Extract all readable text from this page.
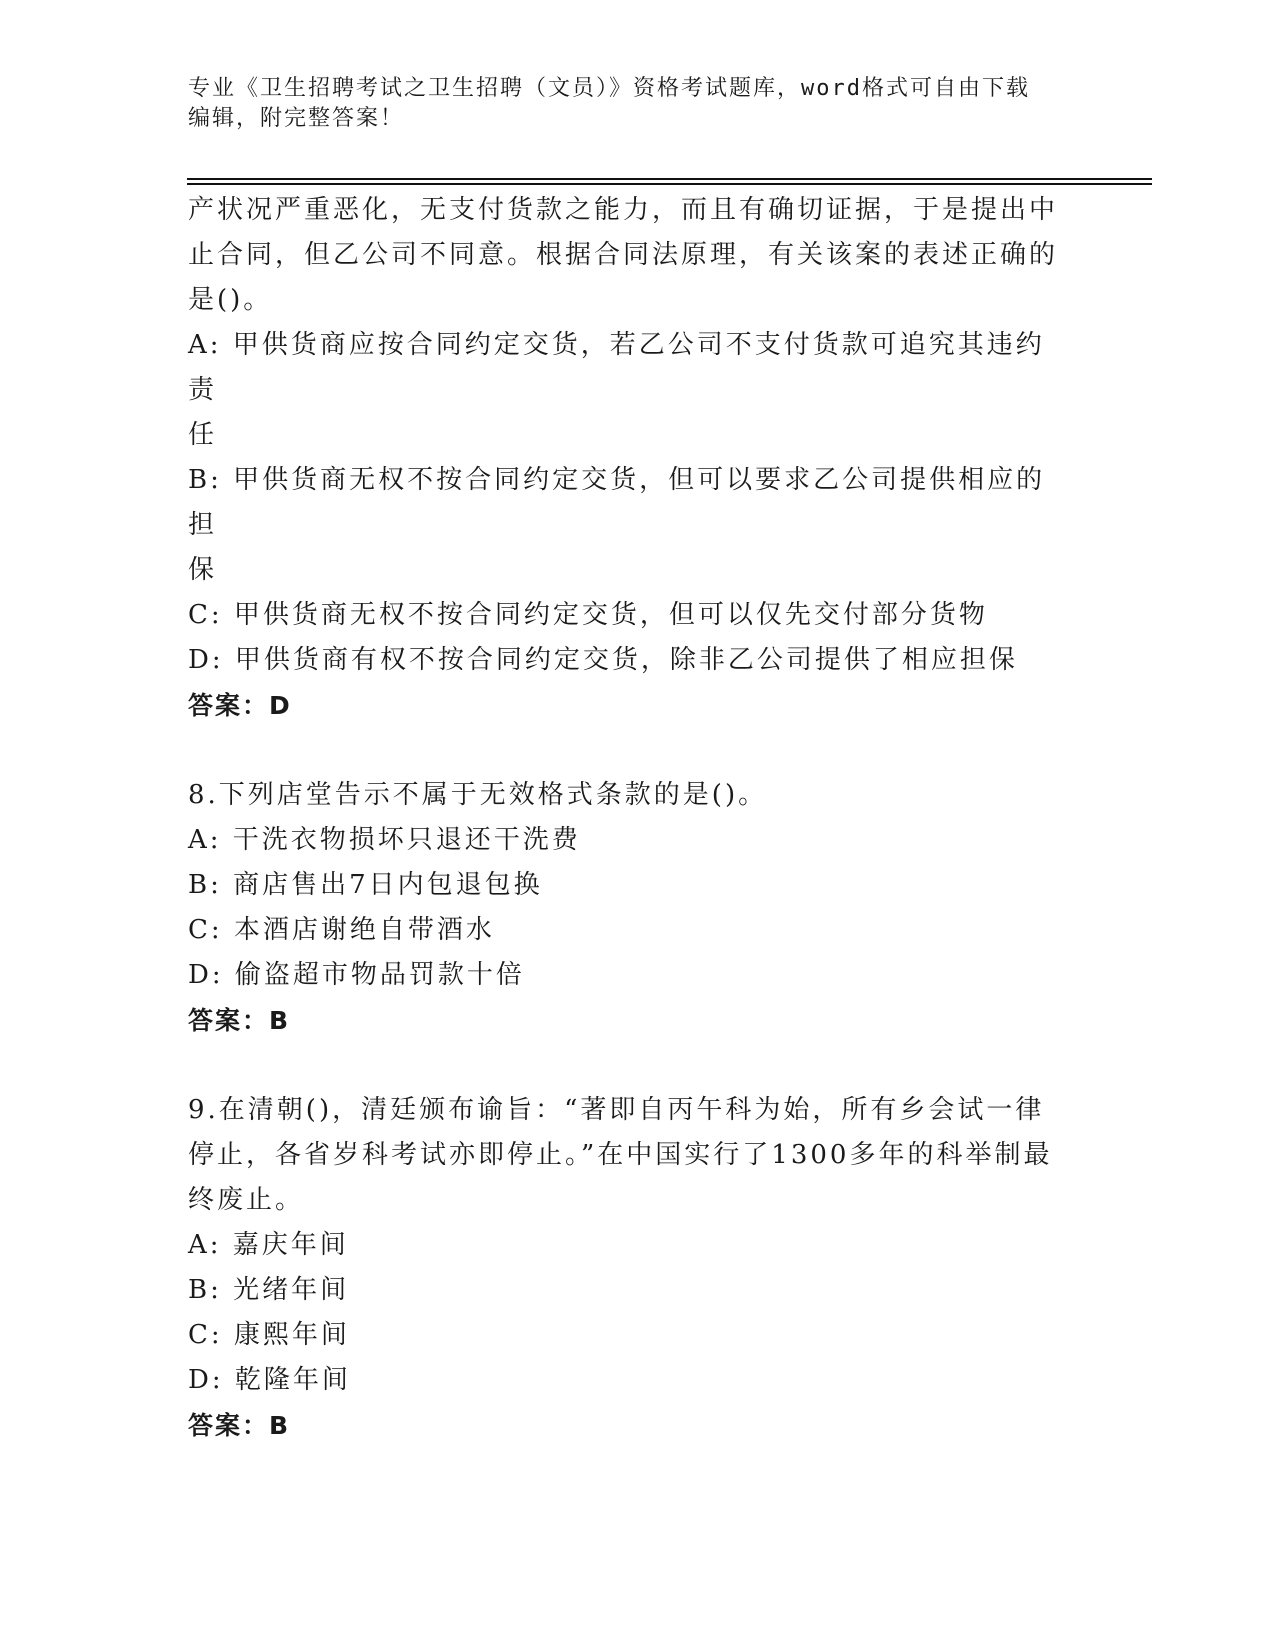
专业《卫生招聘考试之卫生招聘（文员）》资格考试题库，word格式可自由下载
编辑，附完整答案！

产状况严重恶化，无支付货款之能力，而且有确切证据，于是提出中

止合同，但乙公司不同意。根据合同法原理，有关该案的表述正确的

是()。

A: 甲供货商应按合同约定交货，若乙公司不支付货款可追究其违约责

任

B: 甲供货商无权不按合同约定交货，但可以要求乙公司提供相应的担

保

C: 甲供货商无权不按合同约定交货，但可以仅先交付部分货物

D: 甲供货商有权不按合同约定交货，除非乙公司提供了相应担保

答案：D

8.下列店堂告示不属于无效格式条款的是()。

A: 干洗衣物损坏只退还干洗费

B: 商店售出7日内包退包换

C: 本酒店谢绝自带酒水

D: 偷盗超市物品罚款十倍

答案：B

9.在清朝()，清廷颁布谕旨：“著即自丙午科为始，所有乡会试一律

停止，各省岁科考试亦即停止。”在中国实行了1300多年的科举制最

终废止。

A: 嘉庆年间

B: 光绪年间

C: 康熙年间

D: 乾隆年间

答案：B
